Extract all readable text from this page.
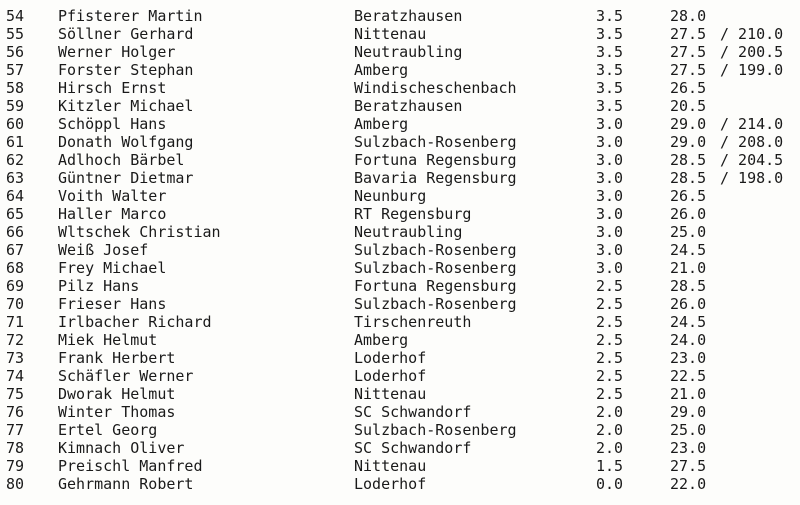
54 Pfisterer Martin	Beratzhausen	3.5	28.0
55 Söllner Gerhard	Nittenau	3.5	27.5 / 210.0
56 Werner Holger	Neutraubling	3.5	27.5 / 200.5
57 Forster Stephan	Amberg	3.5	27.5 / 199.0
58 Hirsch Ernst	Windischeschenbach	3.5	26.5
59 Kitzler Michael	Beratzhausen	3.5	20.5
60 Schöppl Hans	Amberg	3.0	29.0 / 214.0
61 Donath Wolfgang	Sulzbach-Rosenberg	3.0	29.0 / 208.0
62 Adlhoch Bärbel	Fortuna Regensburg	3.0	28.5 / 204.5
63 Güntner Dietmar	Bavaria Regensburg	3.0	28.5 / 198.0
64 Voith Walter	Neunburg	3.0	26.5
65 Haller Marco	RT Regensburg	3.0	26.0
66 Wltschek Christian	Neutraubling	3.0	25.0
67 Weiß Josef	Sulzbach-Rosenberg	3.0	24.5
68 Frey Michael	Sulzbach-Rosenberg	3.0	21.0
69 Pilz Hans	Fortuna Regensburg	2.5	28.5
70 Frieser Hans	Sulzbach-Rosenberg	2.5	26.0
71 Irlbacher Richard	Tirschenreuth	2.5	24.5
72 Miek Helmut	Amberg	2.5	24.0
73 Frank Herbert	Loderhof	2.5	23.0
74 Schäfler Werner	Loderhof	2.5	22.5
75 Dworak Helmut	Nittenau	2.5	21.0
76 Winter Thomas	SC Schwandorf	2.0	29.0
77 Ertel Georg	Sulzbach-Rosenberg	2.0	25.0
78 Kimnach Oliver	SC Schwandorf	2.0	23.0
79 Preischl Manfred	Nittenau	1.5	27.5
80 Gehrmann Robert	Loderhof	0.0	22.0
